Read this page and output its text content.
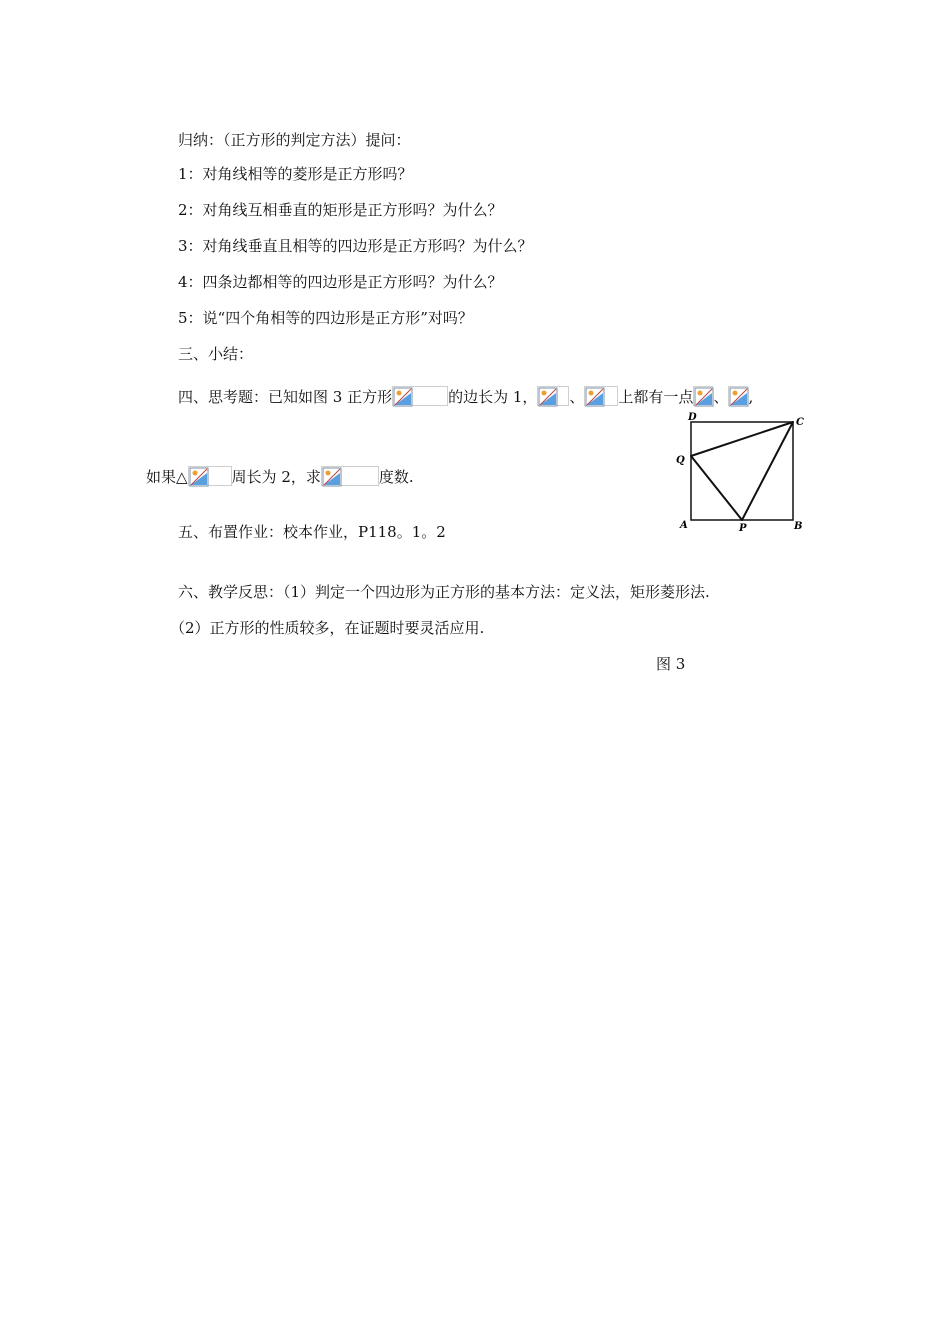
归纳：（正方形的判定方法）提问：
1：对角线相等的菱形是正方形吗？
2：对角线互相垂直的矩形是正方形吗？为什么？
3：对角线垂直且相等的四边形是正方形吗？为什么？
4：四条边都相等的四边形是正方形吗？为什么？
5：说“四个角相等的四边形是正方形”对吗？
三、小结：
四、思考题：已知如图 3 正方形	的边长为 1， 、 上都有一点 、 ,
如果△	周长为 2，求	度数.
D	C
Q
A	P	B
五、布置作业：校本作业，P118。1。2
六、教学反思：（1）判定一个四边形为正方形的基本方法：定义法，矩形菱形法.
（2）正方形的性质较多，在证题时要灵活应用.
图 3
